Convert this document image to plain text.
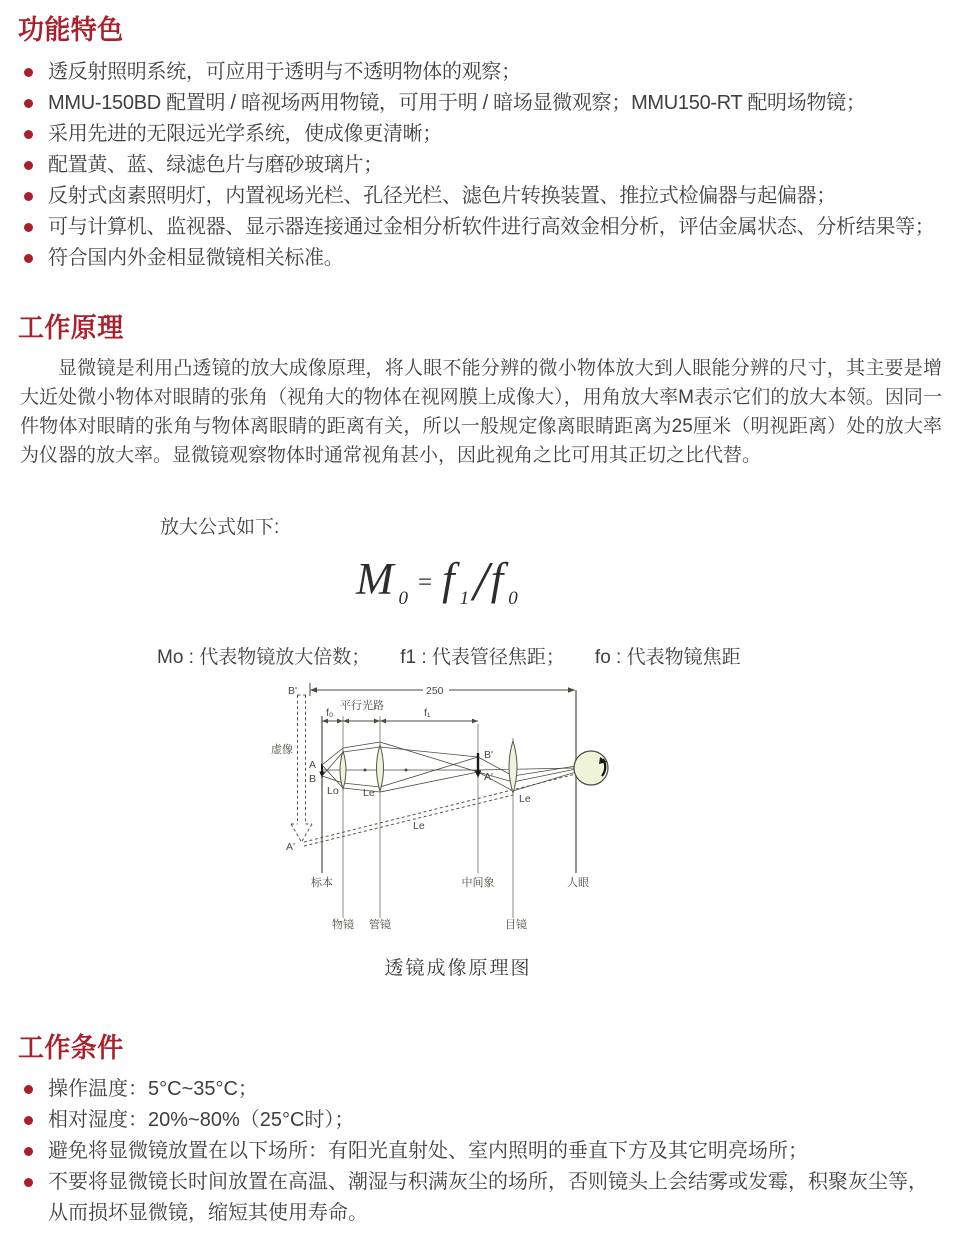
功能特色
透反射照明系统，可应用于透明与不透明物体的观察；
MMU-150BD 配置明 / 暗视场两用物镜，可用于明 / 暗场显微观察；MMU150-RT 配明场物镜；
采用先进的无限远光学系统，使成像更清晰；
配置黄、蓝、绿滤色片与磨砂玻璃片；
反射式卤素照明灯，内置视场光栏、孔径光栏、滤色片转换装置、推拉式检偏器与起偏器；
可与计算机、监视器、显示器连接通过金相分析软件进行高效金相分析，评估金属状态、分析结果等；
符合国内外金相显微镜相关标准。
工作原理

显微镜是利用凸透镜的放大成像原理，将人眼不能分辨的微小物体放大到人眼能分辨的尺寸，其主要是增大近处微小物体对眼睛的张角（视角大的物体在视网膜上成像大），用角放大率M表示它们的放大本领。因同一件物体对眼睛的张角与物体离眼睛的距离有关，所以一般规定像离眼睛距离为25厘米（明视距离）处的放大率为仪器的放大率。显微镜观察物体时通常视角甚小，因此视角之比可用其正切之比代替。

放大公式如下:

M 0
= f 1 / f 0
Mo : 代表物镜放大倍数； f1 : 代表管径焦距； fo : 代表物镜焦距
250
B'
f₀
平行光路
f₁
虚像
A'
Le
A
B
Lo Le
B'
A'
Le
标本
物镜 管镜
中间象
目镜
人眼

透镜成像原理图

工作条件
操作温度：5°C~35°C；
相对湿度：20%~80%（25°C时）；
避免将显微镜放置在以下场所：有阳光直射处、室内照明的垂直下方及其它明亮场所；
不要将显微镜长时间放置在高温、潮湿与积满灰尘的场所，否则镜头上会结雾或发霉，积聚灰尘等，从而损坏显微镜，缩短其使用寿命。
